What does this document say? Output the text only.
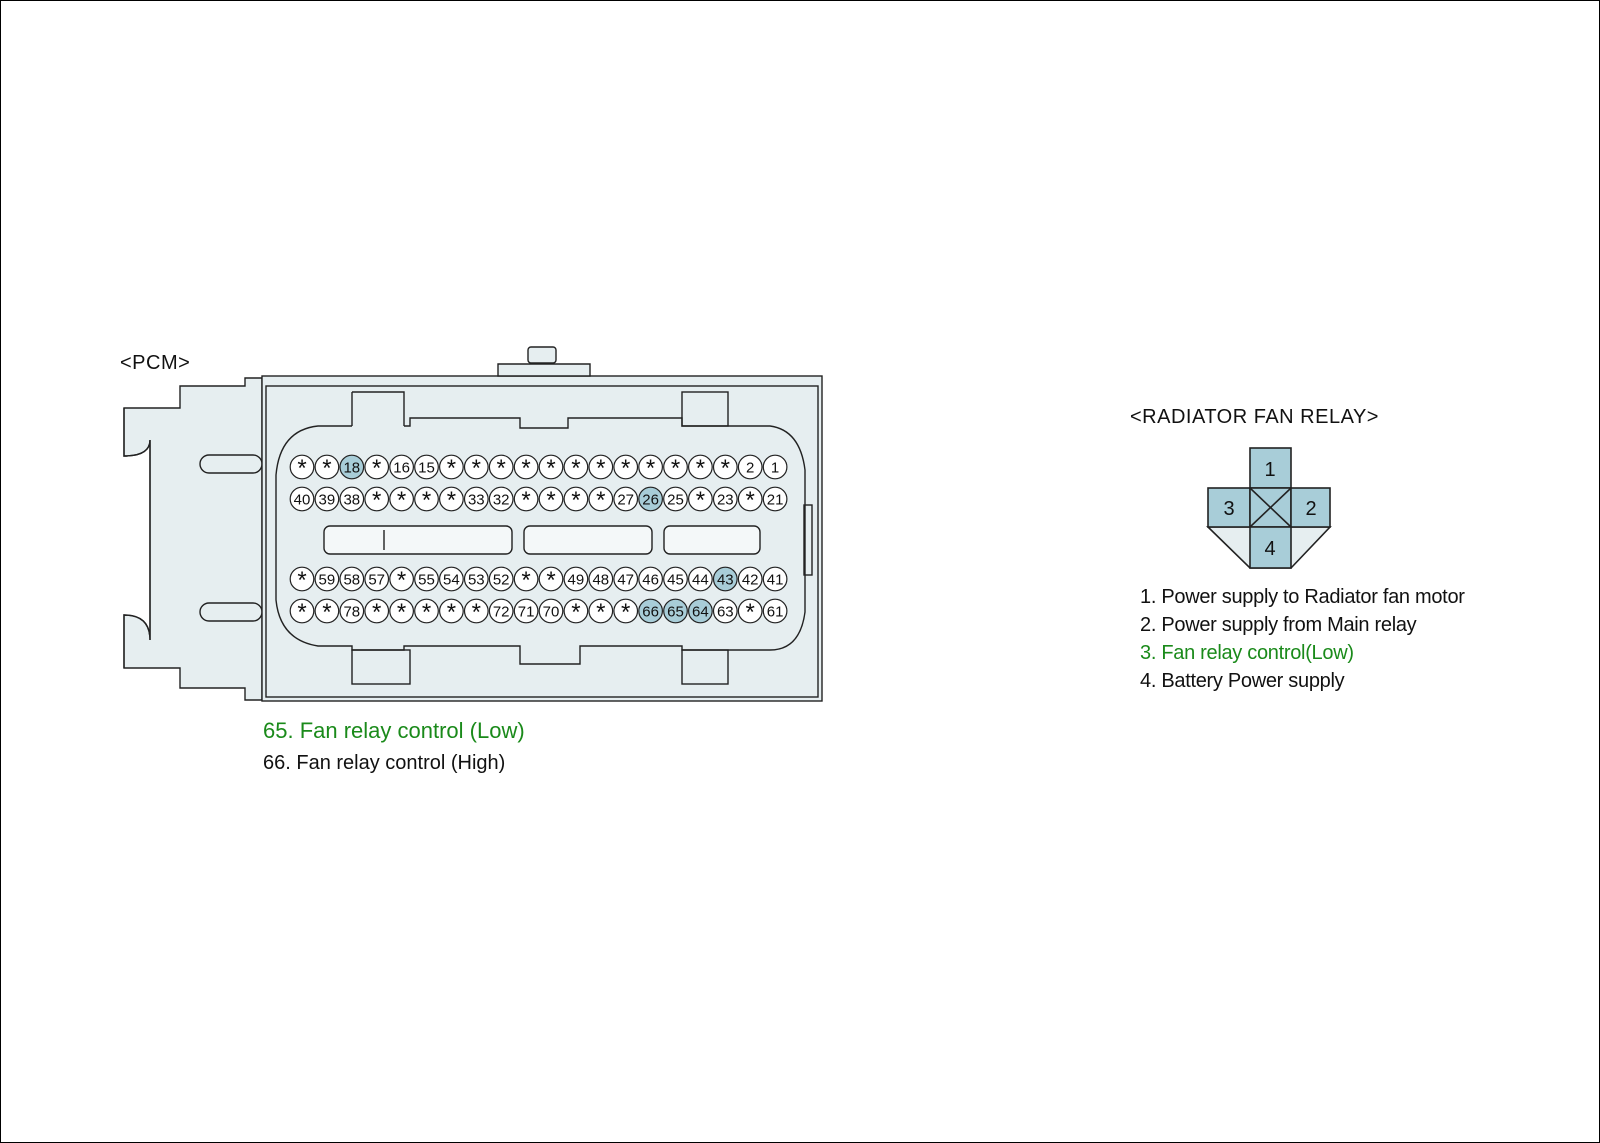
* * 18 * 16 15 * * * * * * * * * * * * 2 1
40 39 38 * * * * 33 32 * * * * 27 26 25 * 23 * 21
* 59 58 57 * 55 54 53 52 * * 49 48 47 46 45 44 43 42 41
* * 78 * * * * * 72 71 70 * * * 66 65 64 63 * 61
1
2
3
4
<PCM>
65. Fan relay control (Low)
66. Fan relay control (High)
<RADIATOR FAN RELAY>
1. Power supply to Radiator fan motor
2. Power supply from Main relay
3. Fan relay control(Low)
4. Battery Power supply
